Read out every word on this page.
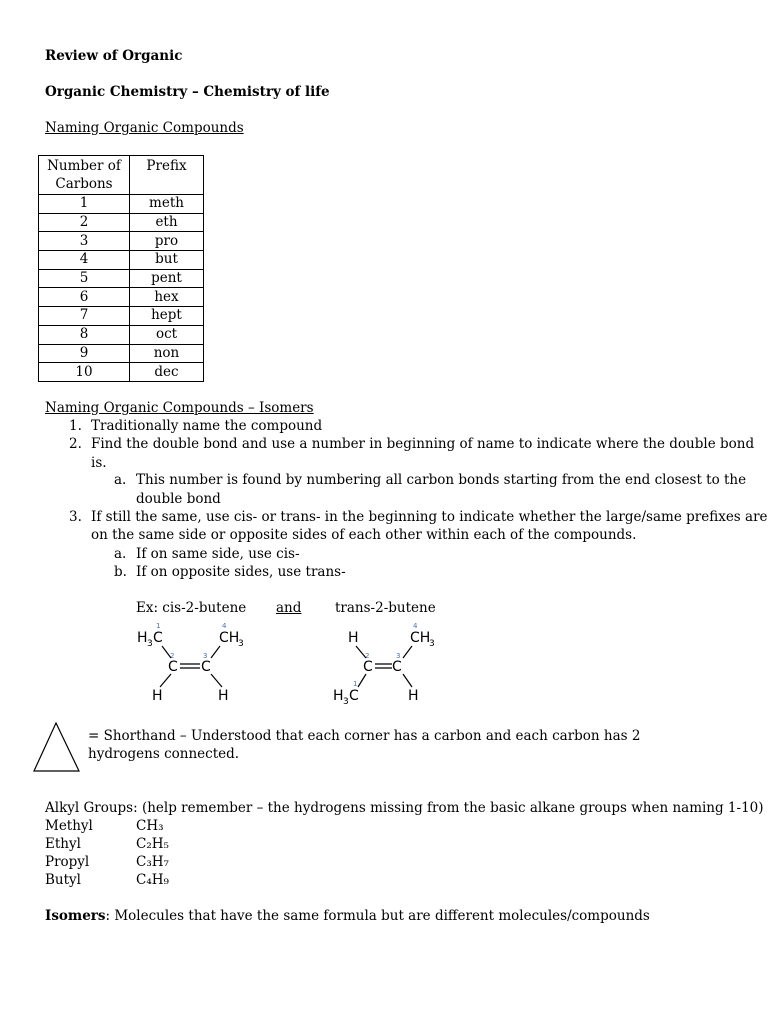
Review of Organic
Organic Chemistry – Chemistry of life
Naming Organic Compounds
Number of Carbons	Prefix
1	meth
2	eth
3	pro
4	but
5	pent
6	hex
7	hept
8	oct
9	non
10	dec
Naming Organic Compounds – Isomers
1. Traditionally name the compound
2. Find the double bond and use a number in beginning of name to indicate where the double bond
is.
a. This number is found by numbering all carbon bonds starting from the end closest to the
double bond
3. If still the same, use cis- or trans- in the beginning to indicate whether the large/same prefixes are
on the same side or opposite sides of each other within each of the compounds.
a. If on same side, use cis-
b. If on opposite sides, use trans-
Ex: cis-2-butene and trans-2-butene
H 3 C
1
CH
3
4
C
2
C
3
H	H
H	CH
3
4
C
2
C
3
H 3 C
1
H
= Shorthand – Understood that each corner has a carbon and each carbon has 2 hydrogens connected.
Alkyl Groups: (help remember – the hydrogens missing from the basic alkane groups when naming 1-10)
Methyl	CH₃
Ethyl	C₂H₅
Propyl	C₃H₇
Butyl	C₄H₉
Isomers: Molecules that have the same formula but are different molecules/compounds
